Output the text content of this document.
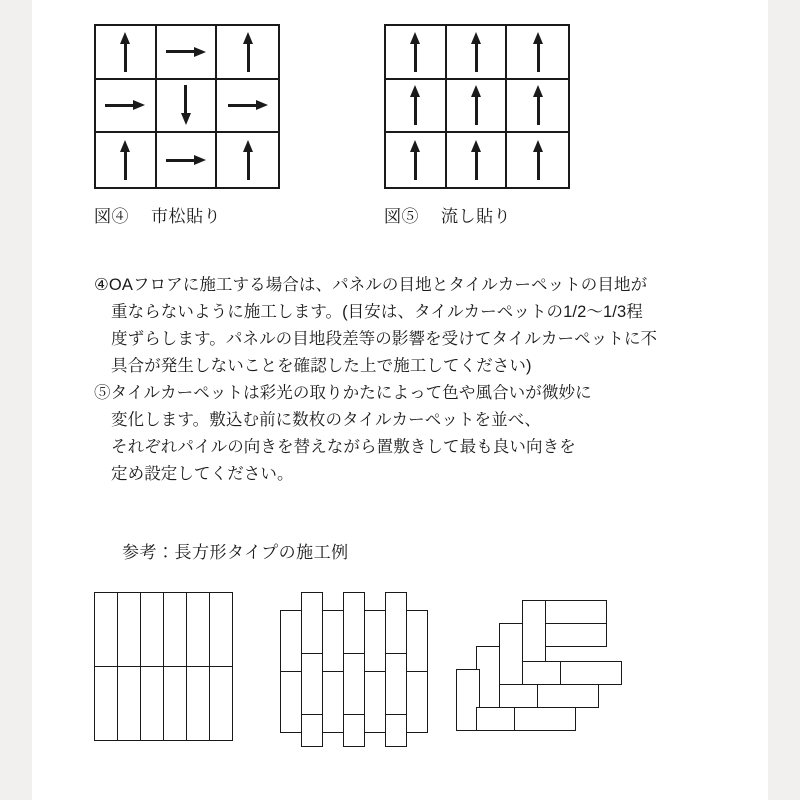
図④ 市松貼り	図⑤ 流し貼り

④OAフロアに施工する場合は、パネルの目地とタイルカーペットの目地が
重ならないように施工します。(目安は、タイルカーペットの1/2〜1/3程
度ずらします。パネルの目地段差等の影響を受けてタイルカーペットに不
具合が発生しないことを確認した上で施工してください)

⑤タイルカーペットは彩光の取りかたによって色や風合いが微妙に
変化します。敷込む前に数枚のタイルカーペットを並べ、
それぞれパイルの向きを替えながら置敷きして最も良い向きを
定め設定してください。

参考：長方形タイプの施工例
